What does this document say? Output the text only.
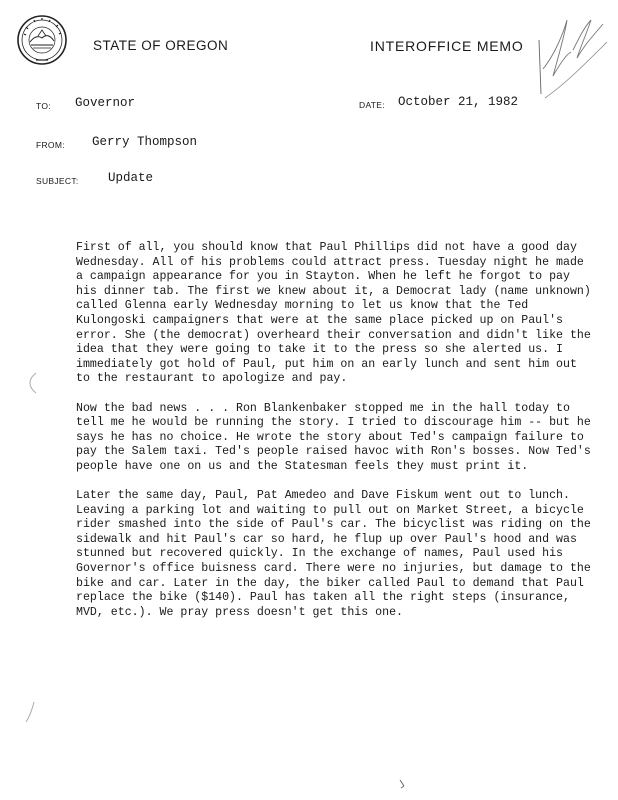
STATE OF OREGON	INTEROFFICE MEMO
TO: Governor	DATE: October 21, 1982
FROM: Gerry Thompson
SUBJECT: Update

First of all, you should know that Paul Phillips did not have a good day Wednesday. All of his problems could attract press. Tuesday night he made a campaign appearance for you in Stayton. When he left he forgot to pay his dinner tab. The first we knew about it, a Democrat lady (name unknown) called Glenna early Wednesday morning to let us know that the Ted Kulongoski campaigners that were at the same place picked up on Paul's error. She (the democrat) overheard their conversation and didn't like the idea that they were going to take it to the press so she alerted us. I immediately got hold of Paul, put him on an early lunch and sent him out to the restaurant to apologize and pay.

Now the bad news . . . Ron Blankenbaker stopped me in the hall today to tell me he would be running the story. I tried to discourage him -- but he says he has no choice. He wrote the story about Ted's campaign failure to pay the Salem taxi. Ted's people raised havoc with Ron's bosses. Now Ted's people have one on us and the Statesman feels they must print it.

Later the same day, Paul, Pat Amedeo and Dave Fiskum went out to lunch. Leaving a parking lot and waiting to pull out on Market Street, a bicycle rider smashed into the side of Paul's car. The bicyclist was riding on the sidewalk and hit Paul's car so hard, he flup up over Paul's hood and was stunned but recovered quickly. In the exchange of names, Paul used his Governor's office buisness card. There were no injuries, but damage to the bike and car. Later in the day, the biker called Paul to demand that Paul replace the bike ($140). Paul has taken all the right steps (insurance, MVD, etc.). We pray press doesn't get this one.
